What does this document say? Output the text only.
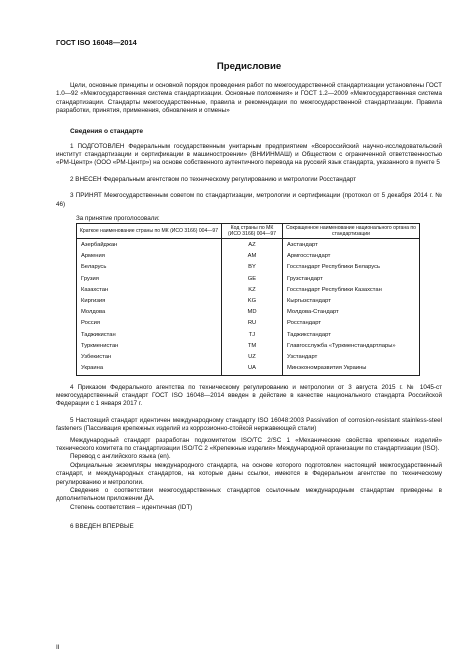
ГОСТ ISO 16048—2014
Предисловие

Цели, основные принципы и основной порядок проведения работ по межгосударственной стандартизации установлены ГОСТ 1.0—92 «Межгосударственная система стандартизации. Основные положения» и ГОСТ 1.2—2009 «Межгосударственная система стандартизации. Стандарты межгосударственные, правила и рекомендации по межгосударственной стандартизации. Правила разработки, принятия, применения, обновления и отмены»

Сведения о стандарте

1 ПОДГОТОВЛЕН Федеральным государственным унитарным предприятием «Всероссийский научно-исследовательский институт стандартизации и сертификации в машиностроении» (ВНИИНМАШ) и Обществом с ограниченной ответственностью «РМ-Центр» (ООО «РМ-Центр») на основе собственного аутентичного перевода на русский язык стандарта, указанного в пункте 5

2 ВНЕСЕН Федеральным агентством по техническому регулированию и метрологии Росстандарт

3 ПРИНЯТ Межгосударственным советом по стандартизации, метрологии и сертификации (протокол от 5 декабря 2014 г. № 46)

За принятие проголосовали:
Краткое наименование страны по МК (ИСО 3166) 004—97	Код страны по МК (ИСО 3166) 004—97	Сокращенное наименование национального органа по стандартизации
Азербайджан	AZ	Азстандарт
Армения	AM	Армгосстандарт
Беларусь	BY	Госстандарт Республики Беларусь
Грузия	GE	Грузстандарт
Казахстан	KZ	Госстандарт Республики Казахстан
Киргизия	KG	Кыргызстандарт
Молдова	MD	Молдова-Стандарт
Россия	RU	Росстандарт
Таджикистан	TJ	Таджикстандарт
Туркменистан	TM	Главгосслужба «Туркменстандартлары»
Узбекистан	UZ	Узстандарт
Украина	UA	Минэкономразвития Украины

4 Приказом Федерального агентства по техническому регулированию и метрологии от 3 августа 2015 г. № 1045-ст межгосударственный стандарт ГОСТ ISO 16048—2014 введен в действие в качестве национального стандарта Российской Федерации с 1 января 2017 г.

5 Настоящий стандарт идентичен международному стандарту ISO 16048:2003 Passivation of corrosion-resistant stainless-steel fasteners (Пассивация крепежных изделий из коррозионно-стойкой нержавеющей стали)

Международный стандарт разработан подкомитетом ISO/TC 2/SC 1 «Механические свойства крепежных изделий» технического комитета по стандартизации ISO/TC 2 «Крепежные изделия» Международной организации по стандартизации (ISO).

Перевод с английского языка (en).

Официальные экземпляры международного стандарта, на основе которого подготовлен настоящий межгосударственный стандарт, и международных стандартов, на которые даны ссылки, имеются в Федеральном агентстве по техническому регулированию и метрологии.

Сведения о соответствии межгосударственных стандартов ссылочным международным стандартам приведены в дополнительном приложении ДА.

Степень соответствия – идентичная (IDT)

6 ВВЕДЕН ВПЕРВЫЕ

II
